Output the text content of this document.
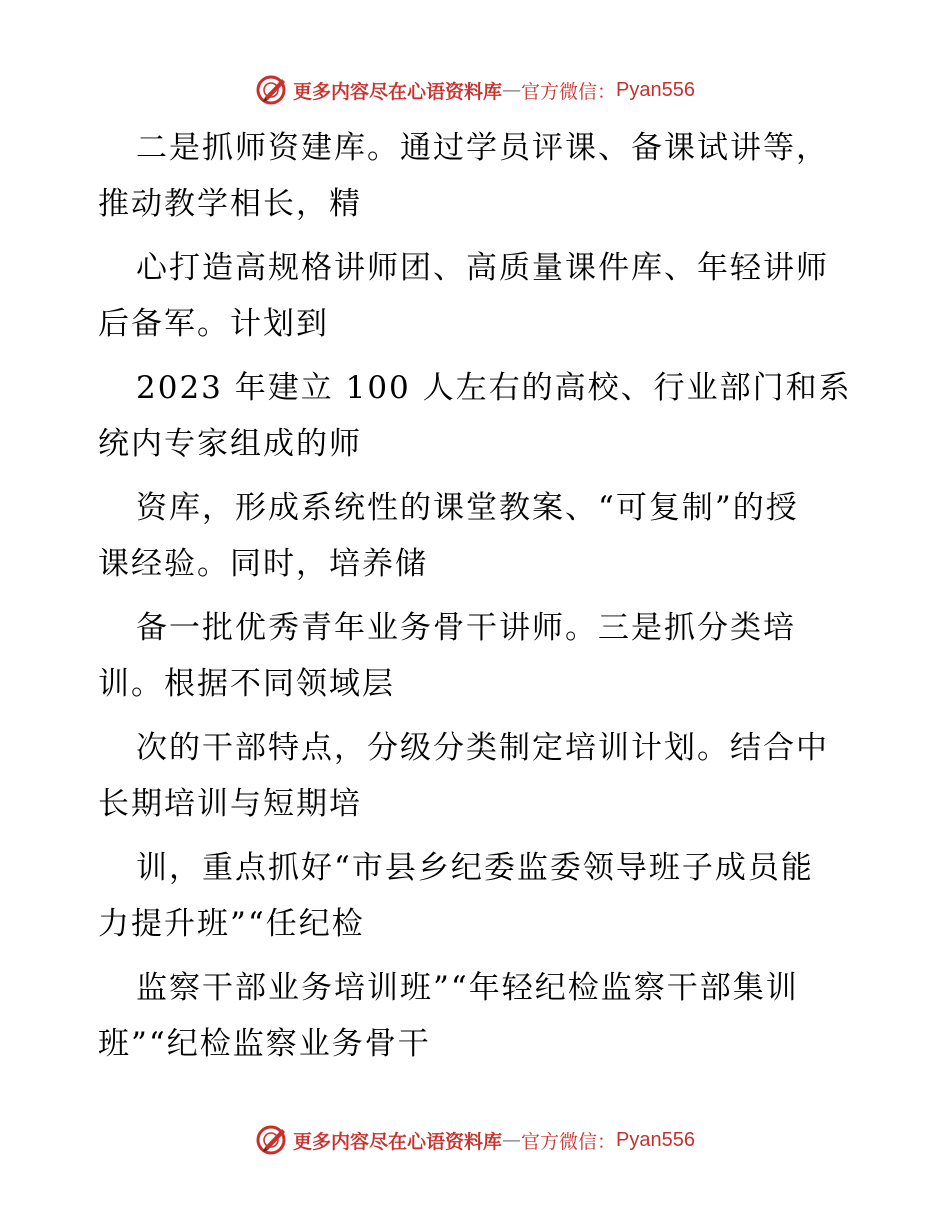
更多内容尽在心语资料库 — 官方微信： Pyan556

二是抓师资建库。通过学员评课、备课试讲等，
推动教学相长，精

心打造高规格讲师团、高质量课件库、年轻讲师
后备军。计划到

2023 年建立 100 人左右的高校、行业部门和系
统内专家组成的师

资库，形成系统性的课堂教案、“可复制”的授
课经验。同时，培养储

备一批优秀青年业务骨干讲师。三是抓分类培
训。根据不同领域层

次的干部特点，分级分类制定培训计划。结合中
长期培训与短期培

训，重点抓好“市县乡纪委监委领导班子成员能
力提升班”“任纪检

监察干部业务培训班”“年轻纪检监察干部集训
班”“纪检监察业务骨干

更多内容尽在心语资料库 — 官方微信： Pyan556
